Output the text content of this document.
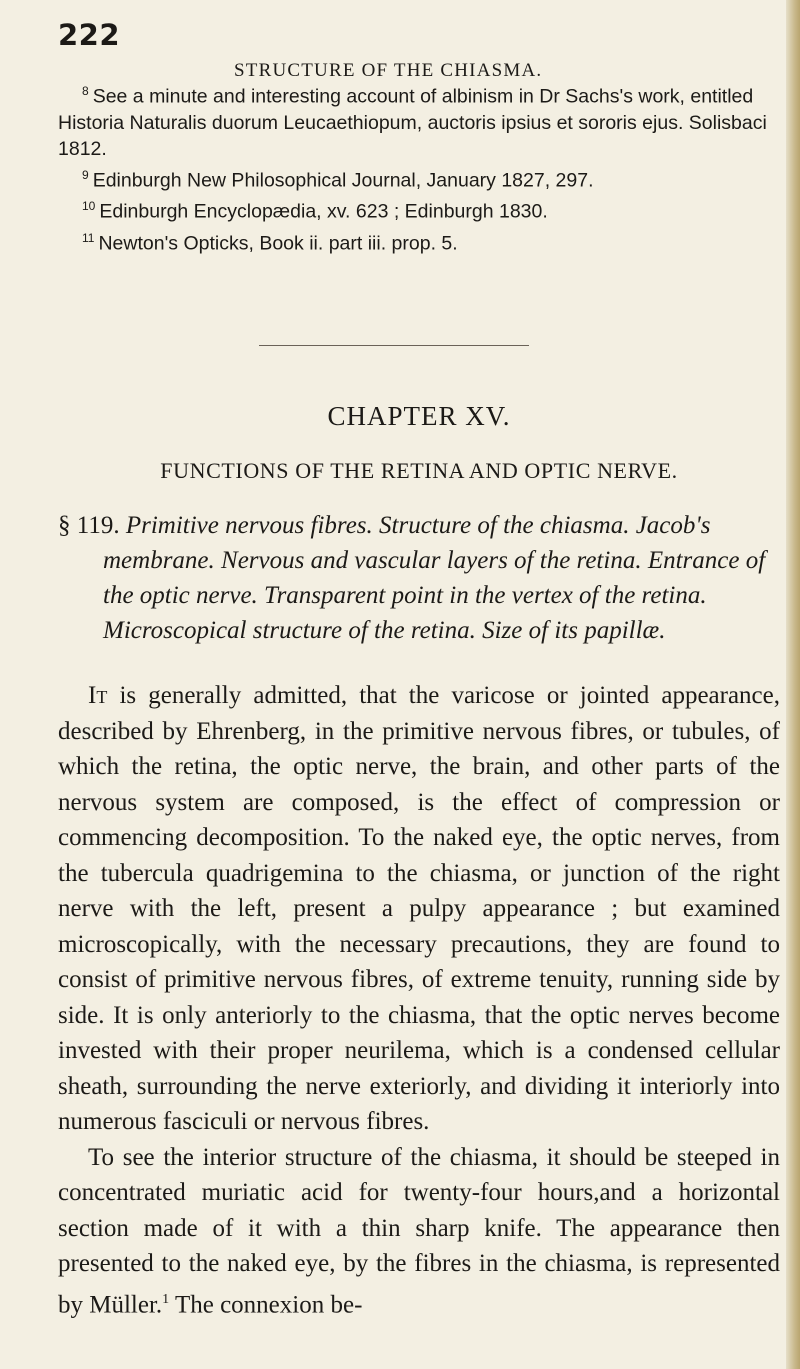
222
STRUCTURE OF THE CHIASMA.

$^8$ See a minute and interesting account of albinism in Dr Sachs's work, entitled Historia Naturalis duorum Leucaethiopum, auctoris ipsius et sororis ejus. Solisbaci 1812.

$^9$ Edinburgh New Philosophical Journal, January 1827, 297.

$^{10}$ Edinburgh Encyclopædia, xv. 623 ; Edinburgh 1830.

$^{11}$ Newton's Opticks, Book ii. part iii. prop. 5.

CHAPTER XV.
FUNCTIONS OF THE RETINA AND OPTIC NERVE.

§ 119. Primitive nervous fibres. Structure of the chiasma. Jacob's membrane. Nervous and vascular layers of the retina. Entrance of the optic nerve. Transparent point in the vertex of the retina. Microscopical structure of the retina. Size of its papillæ.

It is generally admitted, that the varicose or jointed appearance, described by Ehrenberg, in the primitive nervous fibres, or tubules, of which the retina, the optic nerve, the brain, and other parts of the nervous system are composed, is the effect of compression or commencing decomposition. To the naked eye, the optic nerves, from the tubercula quadrigemina to the chiasma, or junction of the right nerve with the left, present a pulpy appearance ; but examined microscopically, with the necessary precautions, they are found to consist of primitive nervous fibres, of extreme tenuity, running side by side. It is only anteriorly to the chiasma, that the optic nerves become invested with their proper neurilema, which is a condensed cellular sheath, surrounding the nerve exteriorly, and dividing it interiorly into numerous fasciculi or nervous fibres.

To see the interior structure of the chiasma, it should be steeped in concentrated muriatic acid for twenty-four hours,and a horizontal section made of it with a thin sharp knife. The appearance then presented to the naked eye, by the fibres in the chiasma, is represented by Müller.$^1$ The connexion be-
